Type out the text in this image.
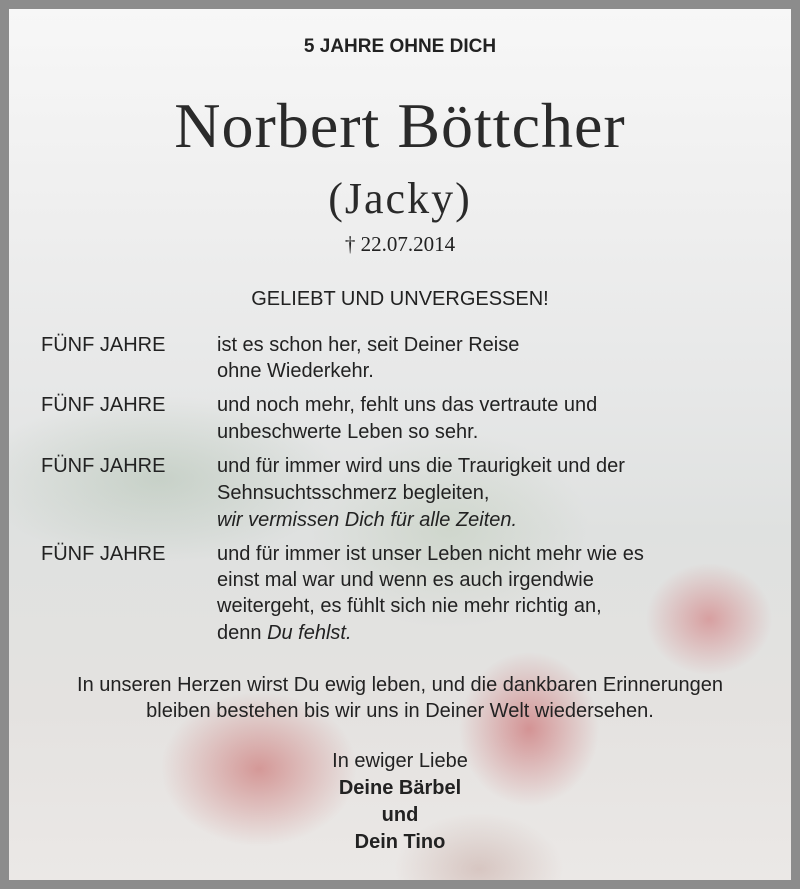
5 JAHRE OHNE DICH

Norbert Böttcher

(Jacky)

† 22.07.2014

GELIEBT UND UNVERGESSEN!

FÜNF JAHRE	ist es schon her, seit Deiner Reise

ohne Wiederkehr.

FÜNF JAHRE	und noch mehr, fehlt uns das vertraute und

unbeschwerte Leben so sehr.

FÜNF JAHRE	und für immer wird uns die Traurigkeit und der

Sehnsuchtsschmerz begleiten,

wir vermissen Dich für alle Zeiten.

FÜNF JAHRE	und für immer ist unser Leben nicht mehr wie es

einst mal war und wenn es auch irgendwie

weitergeht, es fühlt sich nie mehr richtig an,

denn Du fehlst.

In unseren Herzen wirst Du ewig leben, und die dankbaren Erinnerungen

bleiben bestehen bis wir uns in Deiner Welt wiedersehen.

In ewiger Liebe

Deine Bärbel

und

Dein Tino
